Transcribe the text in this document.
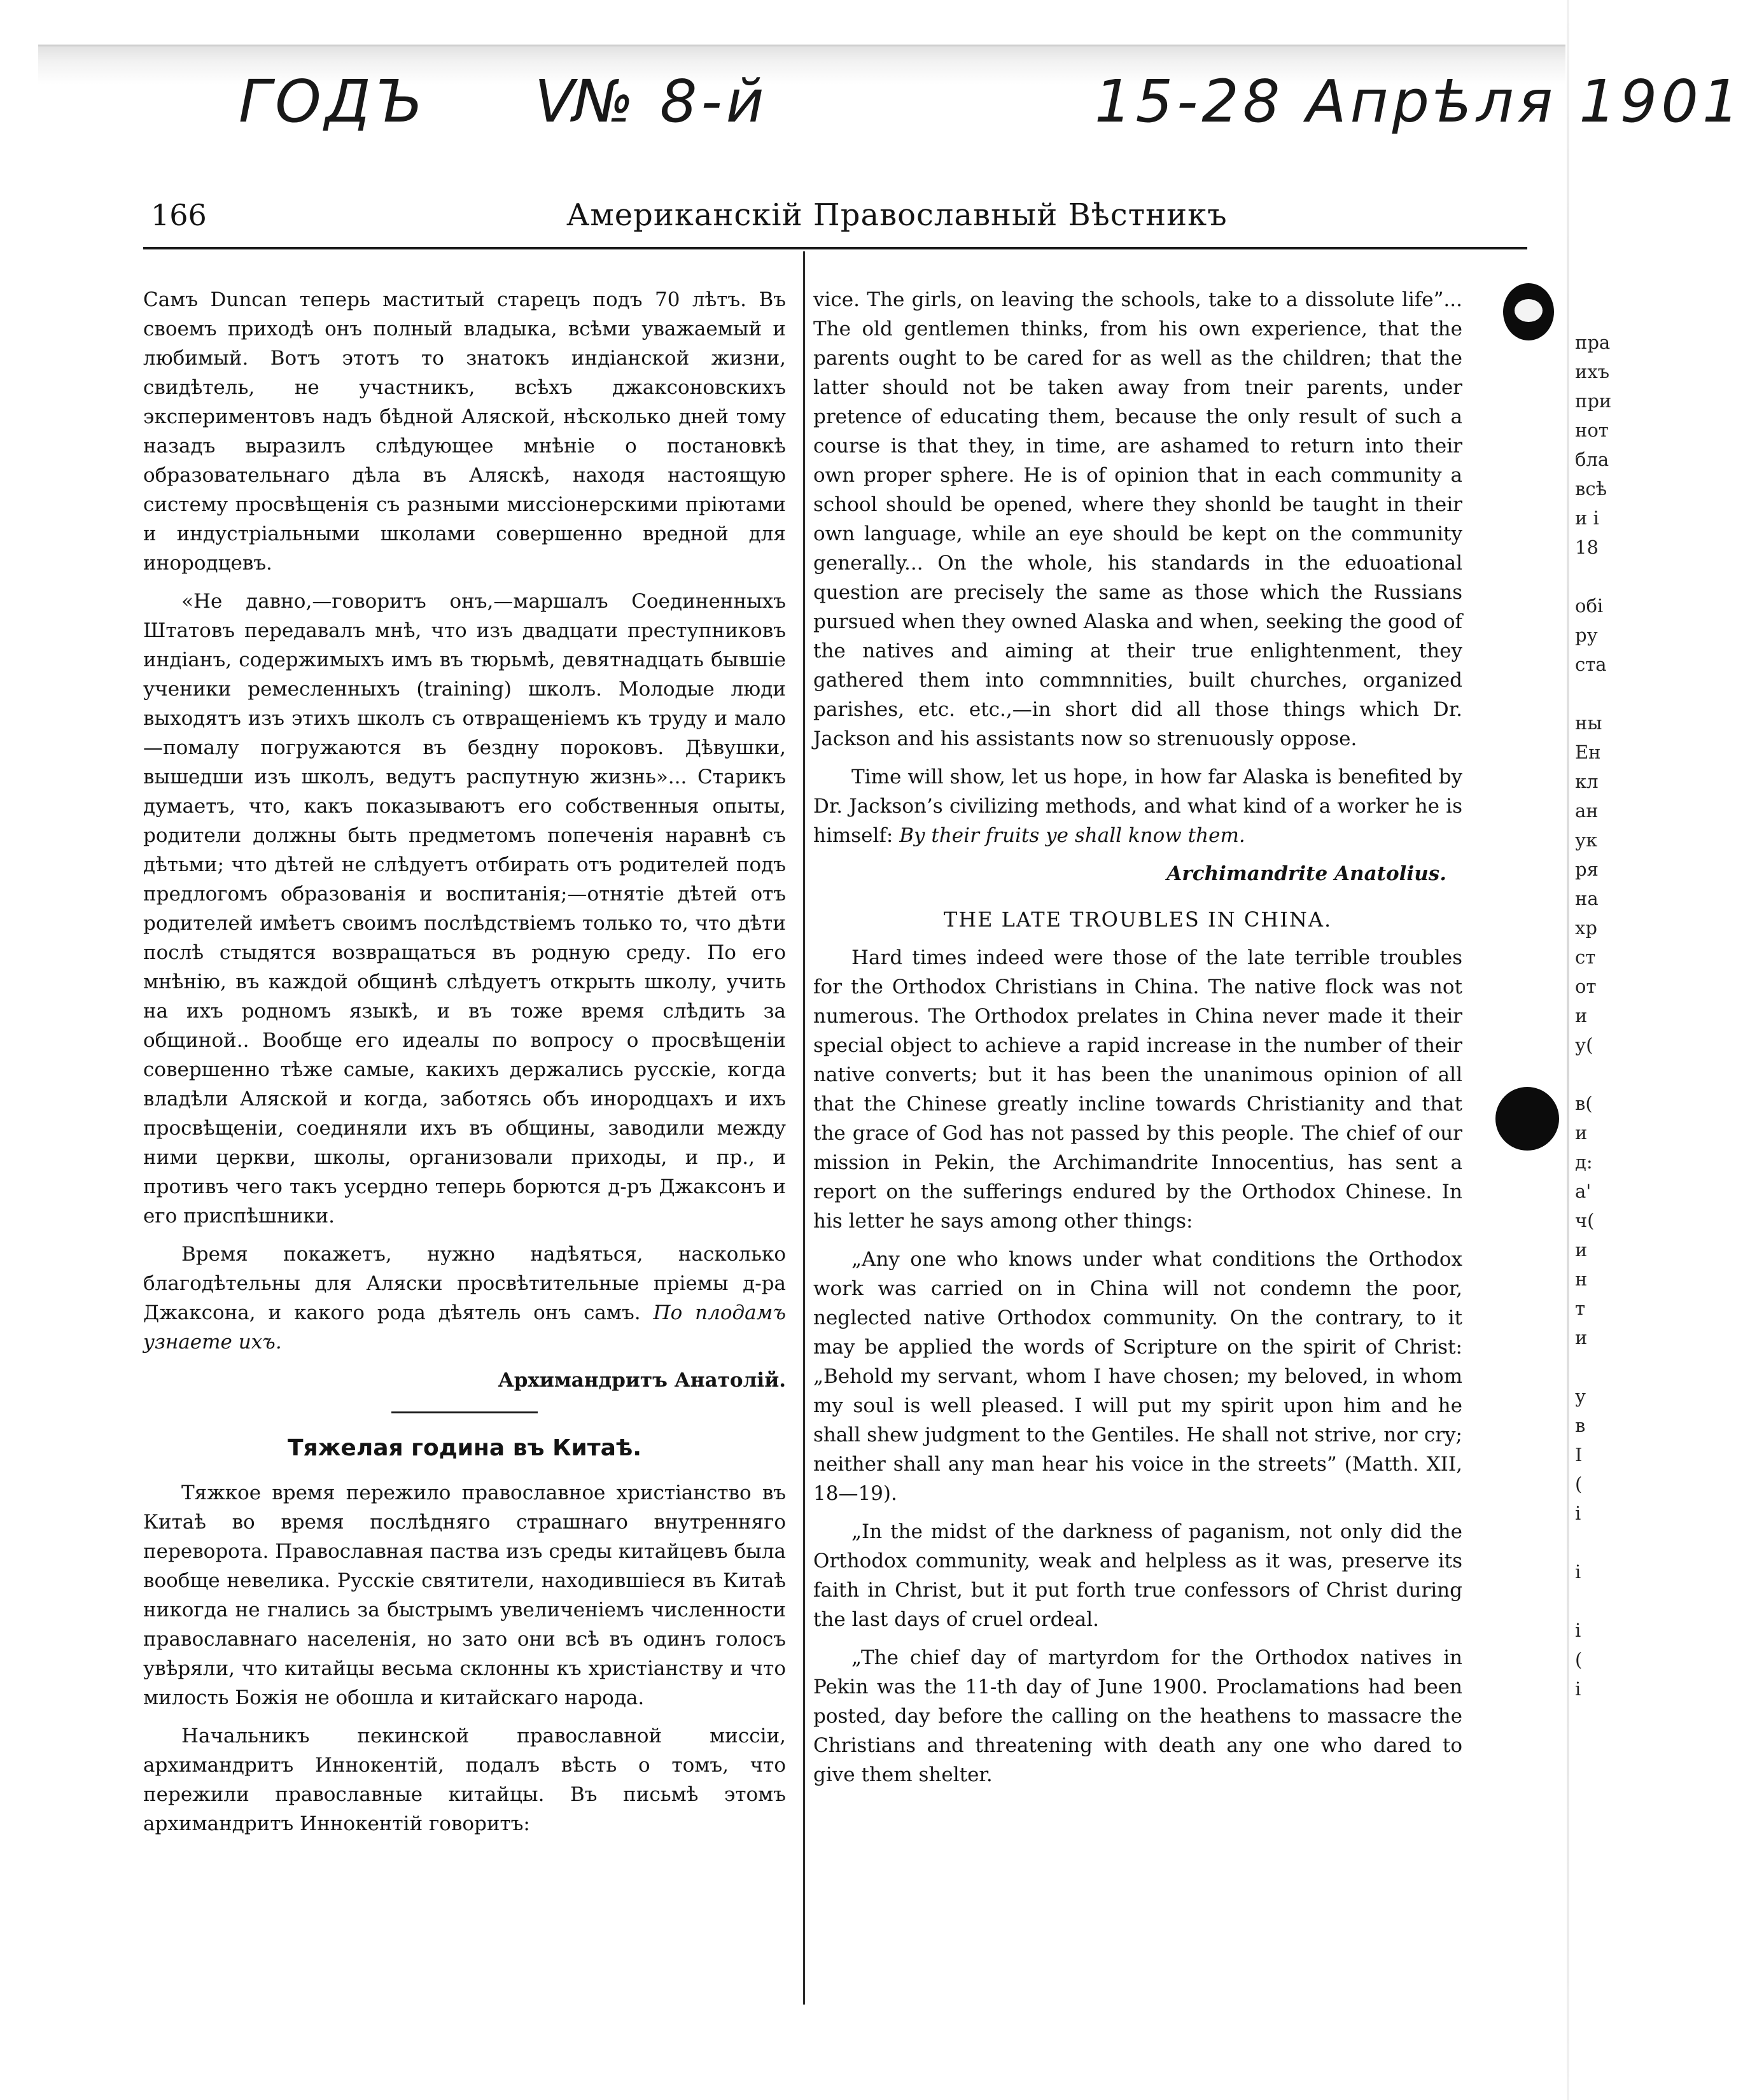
ГОДЪ V
№ 8-й	15-28 Апрѣля 1901
166	Американскій Православный Вѣстникъ

Самъ Duncan теперь маститый старецъ подъ 70 лѣтъ. Въ своемъ приходѣ онъ полный владыка, всѣми уважаемый и любимый. Вотъ этотъ то знатокъ индіанской жизни, свидѣтель, не участникъ, всѣхъ джаксоновскихъ экспериментовъ надъ бѣдной Аляской, нѣсколько дней тому назадъ выразилъ слѣдующее мнѣніе о постановкѣ образовательнаго дѣла въ Аляскѣ, находя настоящую систему просвѣщенія съ разными миссіонерскими пріютами и индустріальными школами совершенно вредной для инородцевъ.

«Не давно,—говоритъ онъ,—маршалъ Соединенныхъ Штатовъ передавалъ мнѣ, что изъ двадцати преступниковъ индіанъ, содержимыхъ имъ въ тюрьмѣ, девятнадцать бывшіе ученики ремесленныхъ (training) школъ. Молодые люди выходятъ изъ этихъ школъ съ отвращеніемъ къ труду и мало—помалу погружаются въ бездну пороковъ. Дѣвушки, вышедши изъ школъ, ведутъ распутную жизнь»... Старикъ думаетъ, что, какъ показываютъ его собственныя опыты, родители должны быть предметомъ попеченія наравнѣ съ дѣтьми; что дѣтей не слѣдуетъ отбирать отъ родителей подъ предлогомъ образованія и воспитанія;—отнятіе дѣтей отъ родителей имѣетъ своимъ послѣдствіемъ только то, что дѣти послѣ стыдятся возвращаться въ родную среду. По его мнѣнію, въ каждой общинѣ слѣдуетъ открыть школу, учить на ихъ родномъ языкѣ, и въ тоже время слѣдить за общиной.. Вообще его идеалы по вопросу о просвѣщеніи совершенно тѣже самые, какихъ держались русскіе, когда владѣли Аляской и когда, заботясь объ инородцахъ и ихъ просвѣщеніи, соединяли ихъ въ общины, заводили между ними церкви, школы, организовали приходы, и пр., и противъ чего такъ усердно теперь борются д-ръ Джаксонъ и его приспѣшники.

Время покажетъ, нужно надѣяться, насколько благодѣтельны для Аляски просвѣтительные пріемы д-ра Джаксона, и какого рода дѣятель онъ самъ. По плодамъ узнаете ихъ.

Архимандритъ Анатолій.

Тяжелая година въ Китаѣ.

Тяжкое время пережило православное христіанство въ Китаѣ во время послѣдняго страшнаго внутренняго переворота. Православная паства изъ среды китайцевъ была вообще невелика. Русскіе святители, находившіеся въ Китаѣ никогда не гнались за быстрымъ увеличеніемъ численности православнаго населенія, но зато они всѣ въ одинъ голосъ увѣряли, что китайцы весьма склонны къ христіанству и что милость Божія не обошла и китайскаго народа.

Начальникъ пекинской православной миссіи, архимандритъ Иннокентій, подалъ вѣсть о томъ, что пережили православные китайцы. Въ письмѣ этомъ архимандритъ Иннокентій говоритъ:

vice. The girls, on leaving the schools, take to a dissolute life”... The old gentlemen thinks, from his own experience, that the parents ought to be cared for as well as the children; that the latter should not be taken away from tneir parents, under pretence of educating them, because the only result of such a course is that they, in time, are ashamed to return into their own proper sphere. He is of opinion that in each community a school should be opened, where they shonld be taught in their own language, while an eye should be kept on the community generally... On the whole, his standards in the eduoational question are precisely the same as those which the Russians pursued when they owned Alaska and when, seeking the good of the natives and aiming at their true enlightenment, they gathered them into commnnities, built churches, organized parishes, etc. etc.,—in short did all those things which Dr. Jackson and his assistants now so strenuously oppose.

Time will show, let us hope, in how far Alaska is benefited by Dr. Jackson’s civilizing methods, and what kind of a worker he is himself: By their fruits ye shall know them.

Archimandrite Anatolius.

THE LATE TROUBLES IN CHINA.

Hard times indeed were those of the late terrible troubles for the Orthodox Christians in China. The native flock was not numerous. The Orthodox prelates in China never made it their special object to achieve a rapid increase in the number of their native converts; but it has been the unanimous opinion of all that the Chinese greatly incline towards Christianity and that the grace of God has not passed by this people. The chief of our mission in Pekin, the Archimandrite Innocentius, has sent a report on the sufferings endured by the Orthodox Chinese. In his letter he says among other things:

„Any one who knows under what conditions the Orthodox work was carried on in China will not condemn the poor, neglected native Orthodox community. On the contrary, to it may be applied the words of Scripture on the spirit of Christ: „Behold my servant, whom I have chosen; my beloved, in whom my soul is well pleased. I will put my spirit upon him and he shall shew judgment to the Gentiles. He shall not strive, nor cry; neither shall any man hear his voice in the streets” (Matth. XII, 18—19).

„In the midst of the darkness of paganism, not only did the Orthodox community, weak and helpless as it was, preserve its faith in Christ, but it put forth true confessors of Christ during the last days of cruel ordeal.

„The chief day of martyrdom for the Orthodox natives in Pekin was the 11-th day of June 1900. Proclamations had been posted, day before the calling on the heathens to massacre the Christians and threatening with death any one who dared to give them shelter.

пра
ихъ
при
нот
бла
всѣ
и і
18
обі
ру
ста
ны
Ен
кл
ан
ук
ря
на
хр
ст
от
и
у(
в(
и
д:
а'
ч(
и
н
т
и
у
в
І
(
і
і
і
(
і
